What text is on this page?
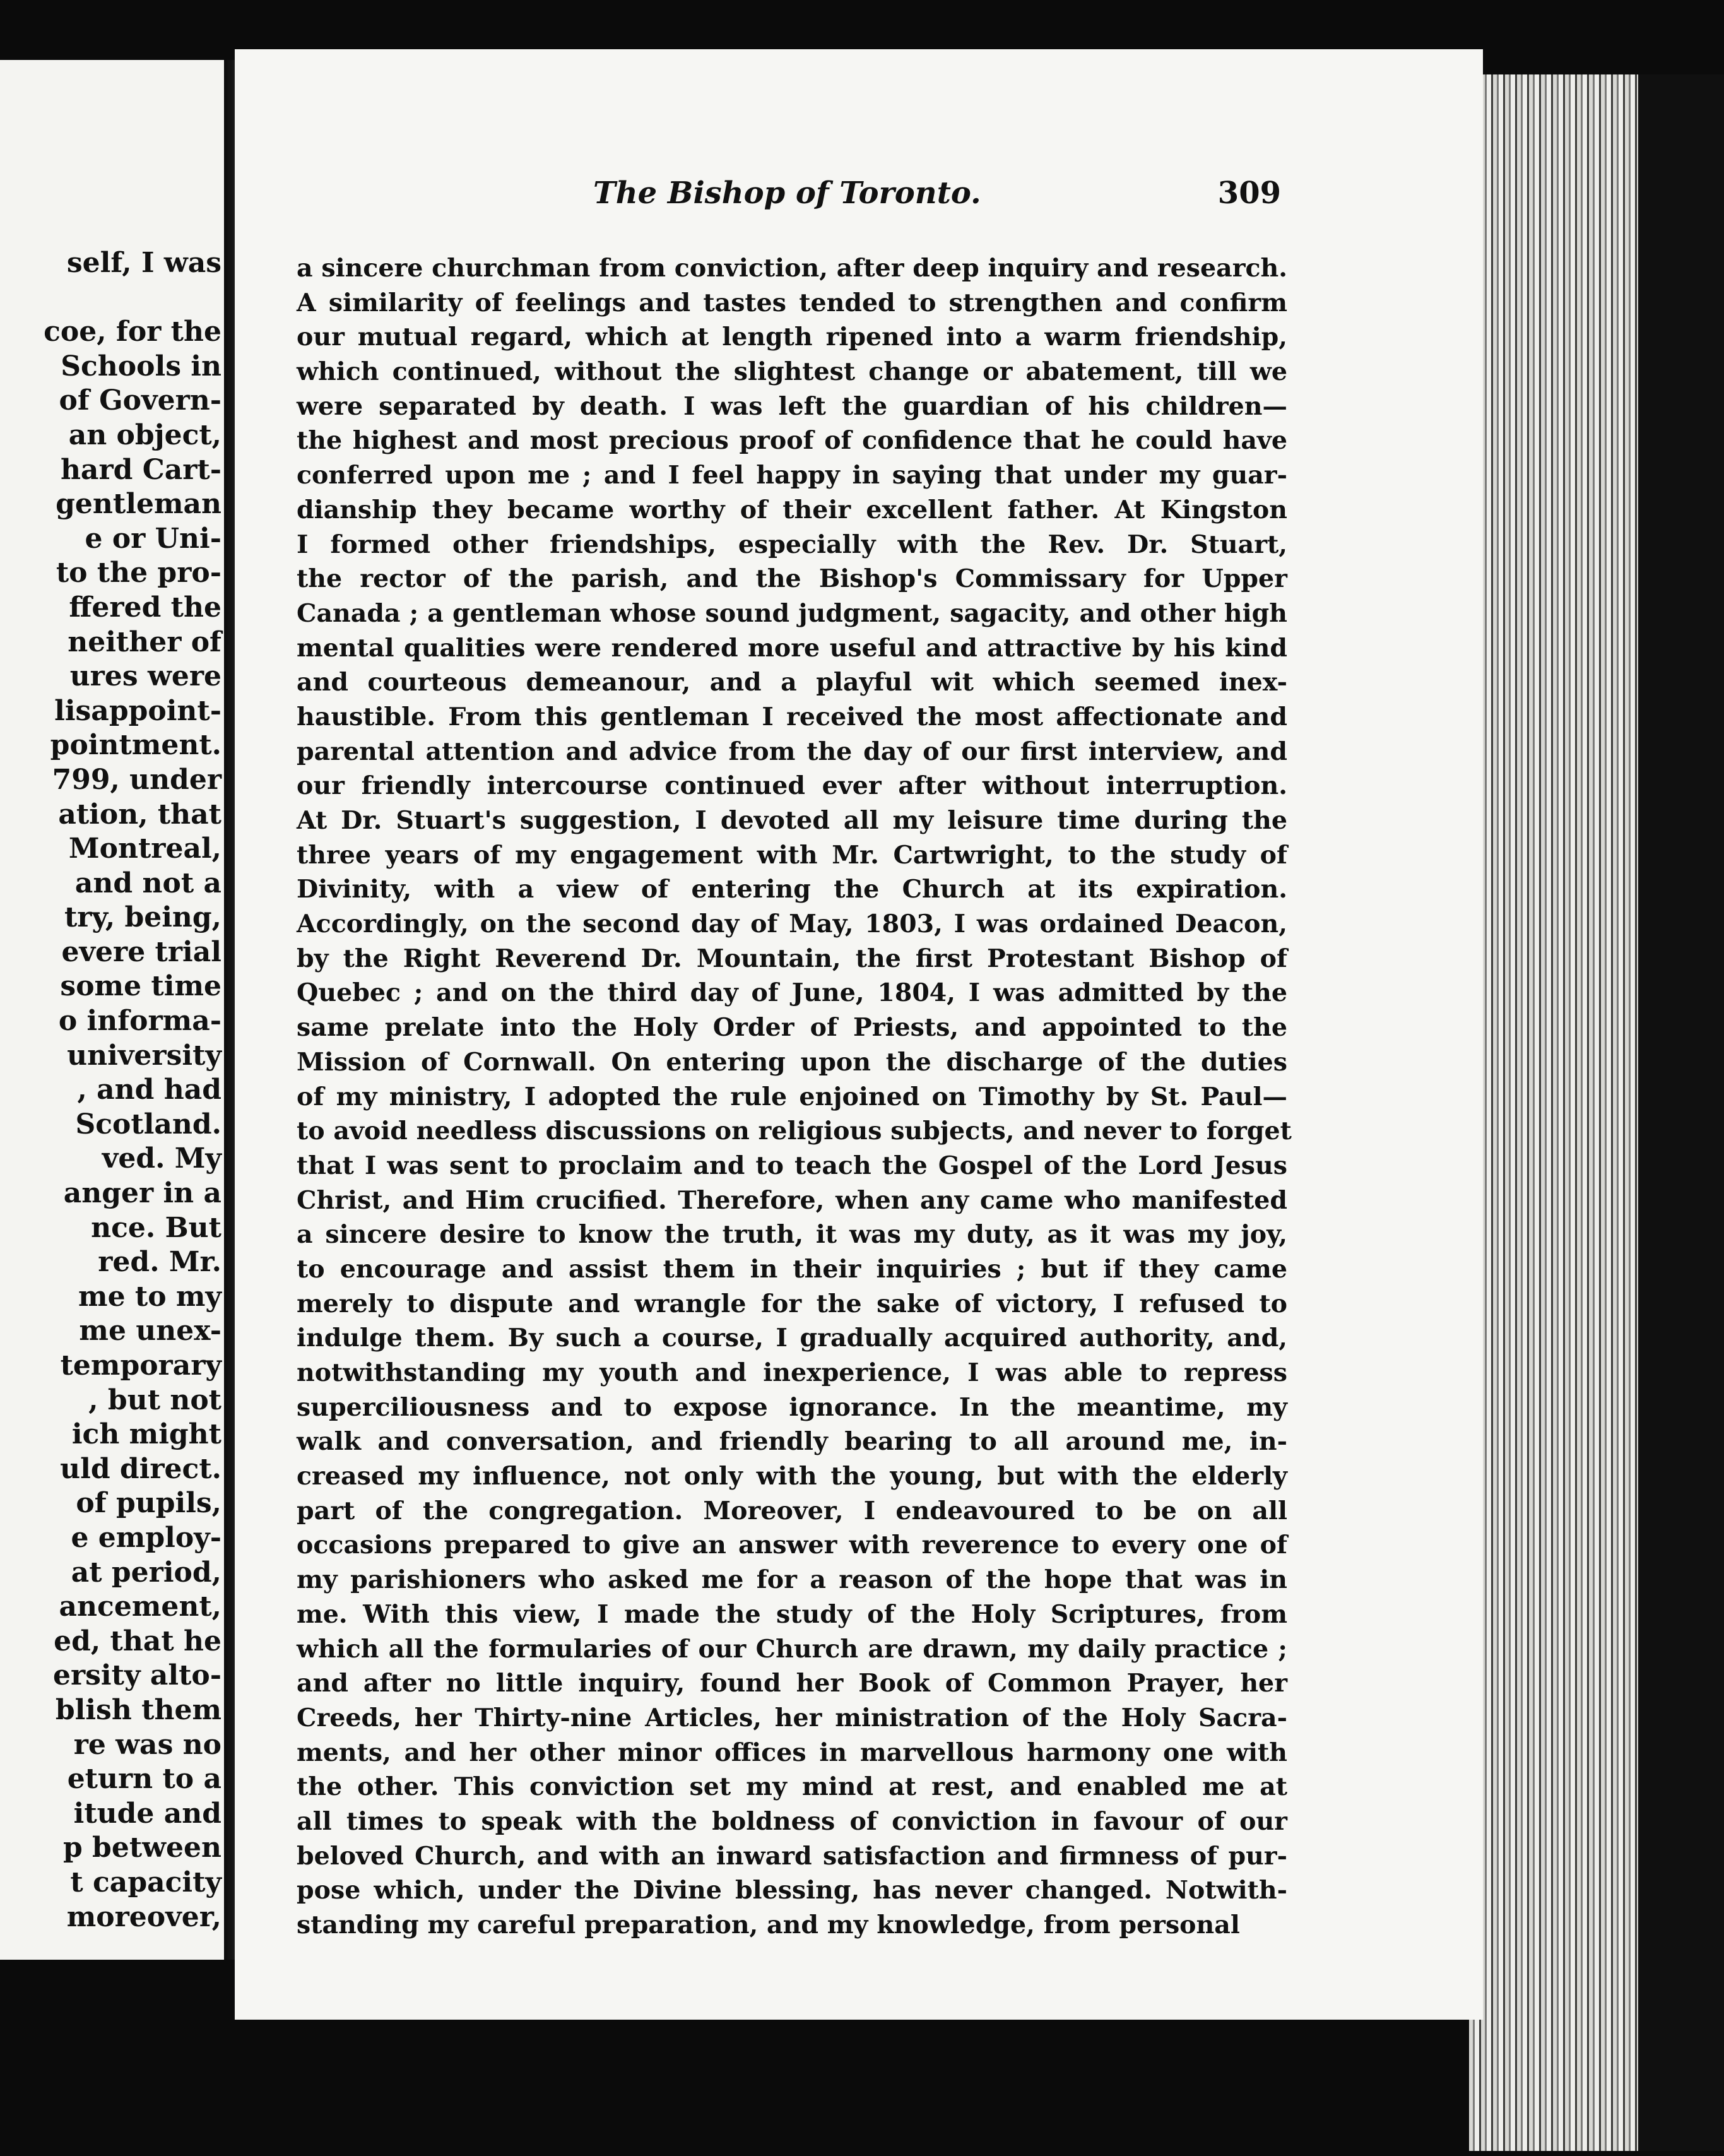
self, I was
coe, for the
Schools in
of Govern-
an object,
hard Cart-
gentleman
e or Uni-
to the pro-
ffered the
neither of
ures were
lisappoint-
pointment.
799, under
ation, that
Montreal,
and not a
try, being,
evere trial
some time
o informa-
university
, and had
Scotland.
ved. My
anger in a
nce. But
red. Mr.
me to my
me unex-
temporary
, but not
ich might
uld direct.
of pupils,
e employ-
at period,
ancement,
ed, that he
ersity alto-
blish them
re was no
eturn to a
itude and
p between
t capacity
moreover,
The Bishop of Toronto.	309
a sincere churchman from conviction, after deep inquiry and research.
A similarity of feelings and tastes tended to strengthen and confirm
our mutual regard, which at length ripened into a warm friendship,
which continued, without the slightest change or abatement, till we
were separated by death. I was left the guardian of his children—
the highest and most precious proof of confidence that he could have
conferred upon me ; and I feel happy in saying that under my guar-
dianship they became worthy of their excellent father. At Kingston
I formed other friendships, especially with the Rev. Dr. Stuart,
the rector of the parish, and the Bishop's Commissary for Upper
Canada ; a gentleman whose sound judgment, sagacity, and other high
mental qualities were rendered more useful and attractive by his kind
and courteous demeanour, and a playful wit which seemed inex-
haustible. From this gentleman I received the most affectionate and
parental attention and advice from the day of our first interview, and
our friendly intercourse continued ever after without interruption.
At Dr. Stuart's suggestion, I devoted all my leisure time during the
three years of my engagement with Mr. Cartwright, to the study of
Divinity, with a view of entering the Church at its expiration.
Accordingly, on the second day of May, 1803, I was ordained Deacon,
by the Right Reverend Dr. Mountain, the first Protestant Bishop of
Quebec ; and on the third day of June, 1804, I was admitted by the
same prelate into the Holy Order of Priests, and appointed to the
Mission of Cornwall. On entering upon the discharge of the duties
of my ministry, I adopted the rule enjoined on Timothy by St. Paul—
to avoid needless discussions on religious subjects, and never to forget
that I was sent to proclaim and to teach the Gospel of the Lord Jesus
Christ, and Him crucified. Therefore, when any came who manifested
a sincere desire to know the truth, it was my duty, as it was my joy,
to encourage and assist them in their inquiries ; but if they came
merely to dispute and wrangle for the sake of victory, I refused to
indulge them. By such a course, I gradually acquired authority, and,
notwithstanding my youth and inexperience, I was able to repress
superciliousness and to expose ignorance. In the meantime, my
walk and conversation, and friendly bearing to all around me, in-
creased my influence, not only with the young, but with the elderly
part of the congregation. Moreover, I endeavoured to be on all
occasions prepared to give an answer with reverence to every one of
my parishioners who asked me for a reason of the hope that was in
me. With this view, I made the study of the Holy Scriptures, from
which all the formularies of our Church are drawn, my daily practice ;
and after no little inquiry, found her Book of Common Prayer, her
Creeds, her Thirty-nine Articles, her ministration of the Holy Sacra-
ments, and her other minor offices in marvellous harmony one with
the other. This conviction set my mind at rest, and enabled me at
all times to speak with the boldness of conviction in favour of our
beloved Church, and with an inward satisfaction and firmness of pur-
pose which, under the Divine blessing, has never changed. Notwith-
standing my careful preparation, and my knowledge, from personal
